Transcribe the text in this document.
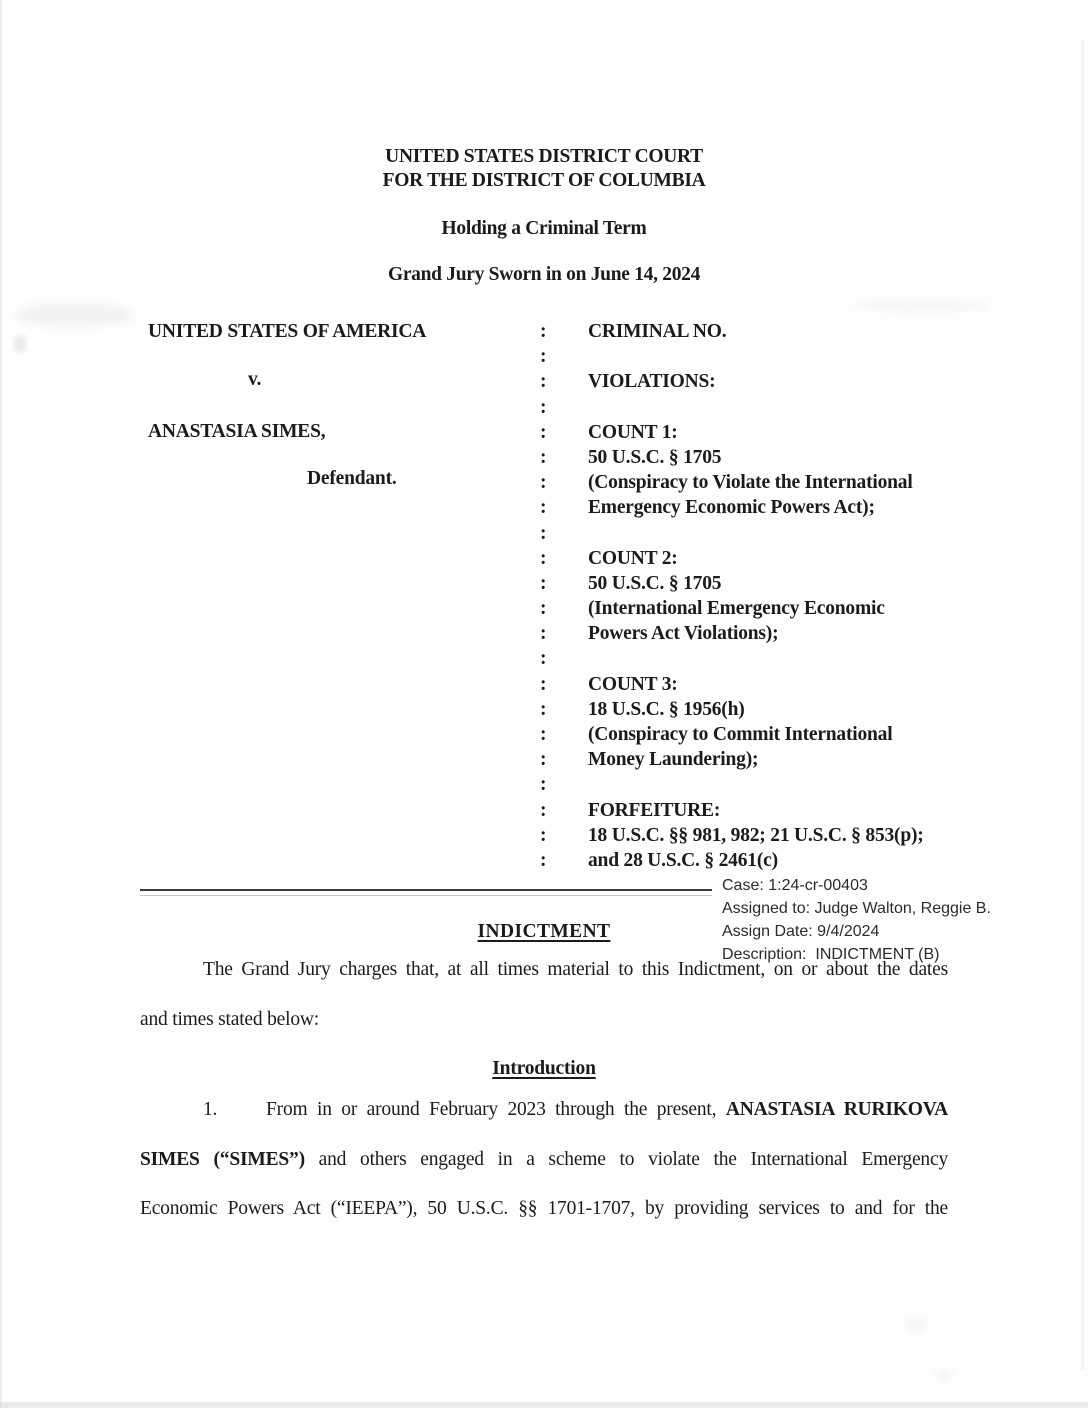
UNITED STATES DISTRICT COURT
FOR THE DISTRICT OF COLUMBIA
Holding a Criminal Term
Grand Jury Sworn in on June 14, 2024
UNITED STATES OF AMERICA
v.
ANASTASIA SIMES,
Defendant.
:	CRIMINAL NO.
:
:	VIOLATIONS:
:
:	COUNT 1:
:	50 U.S.C. § 1705
:	(Conspiracy to Violate the International
:	Emergency Economic Powers Act);
:
:	COUNT 2:
:	50 U.S.C. § 1705
:	(International Emergency Economic
:	Powers Act Violations);
:
:	COUNT 3:
:	18 U.S.C. § 1956(h)
:	(Conspiracy to Commit International
:	Money Laundering);
:
:	FORFEITURE:
:	18 U.S.C. §§ 981, 982; 21 U.S.C. § 853(p);
:	and 28 U.S.C. § 2461(c)
Case: 1:24-cr-00403
Assigned to: Judge Walton, Reggie B.
Assign Date: 9/4/2024
Description:  INDICTMENT (B)
INDICTMENT
The Grand Jury charges that, at all times material to this Indictment, on or about the dates
and times stated below:
Introduction
1.	From in or around February 2023 through the present, ANASTASIA RURIKOVA
SIMES (“SIMES”) and others engaged in a scheme to violate the International Emergency
Economic Powers Act (“IEEPA”), 50 U.S.C. §§ 1701-1707, by providing services to and for the
